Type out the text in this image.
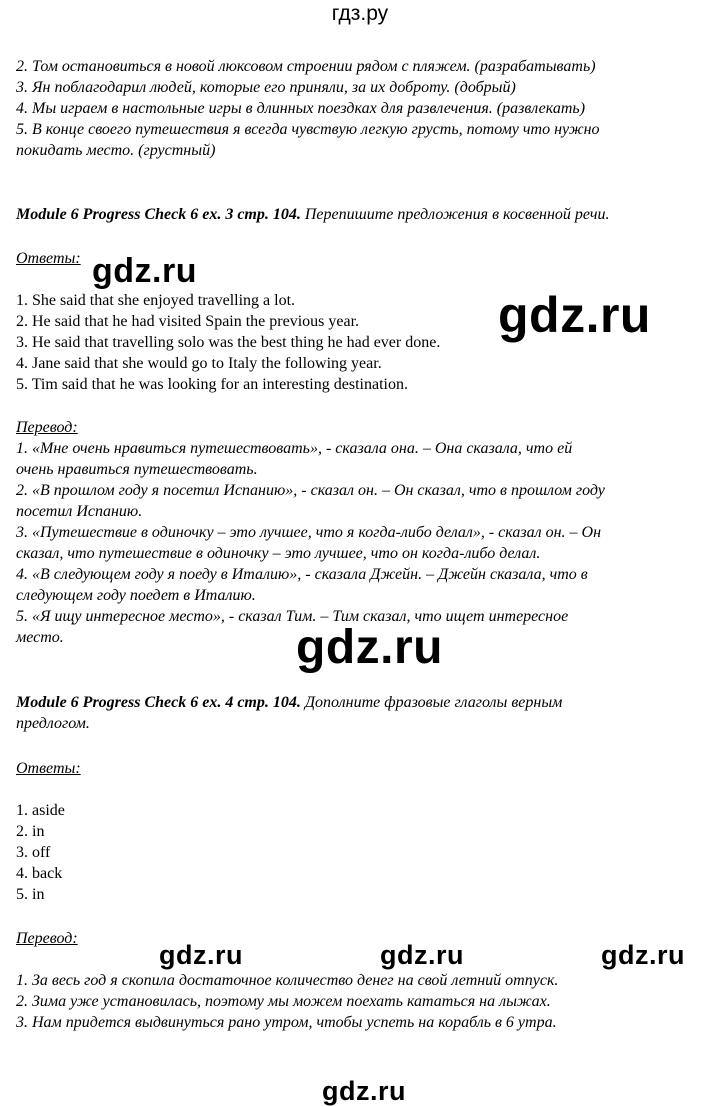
гдз.ру
2. Том остановиться в новой люксовом строении рядом с пляжем. (разрабатывать)
3. Ян поблагодарил людей, которые его приняли, за их доброту. (добрый)
4. Мы играем в настольные игры в длинных поездках для развлечения. (развлекать)
5. В конце своего путешествия я всегда чувствую легкую грусть, потому что нужно
покидать место. (грустный)
Module 6 Progress Check 6 ex. 3 стр. 104. Перепишите предложения в косвенной речи.
Ответы:
1. She said that she enjoyed travelling a lot.
2. He said that he had visited Spain the previous year.
3. He said that travelling solo was the best thing he had ever done.
4. Jane said that she would go to Italy the following year.
5. Tim said that he was looking for an interesting destination.
Перевод:
1. «Мне очень нравиться путешествовать», - сказала она. – Она сказала, что ей
очень нравиться путешествовать.
2. «В прошлом году я посетил Испанию», - сказал он. – Он сказал, что в прошлом году
посетил Испанию.
3. «Путешествие в одиночку – это лучшее, что я когда-либо делал», - сказал он. – Он
сказал, что путешествие в одиночку – это лучшее, что он когда-либо делал.
4. «В следующем году я поеду в Италию», - сказала Джейн. – Джейн сказала, что в
следующем году поедет в Италию.
5. «Я ищу интересное место», - сказал Тим. – Тим сказал, что ищет интересное
место.
Module 6 Progress Check 6 ex. 4 стр. 104. Дополните фразовые глаголы верным
предлогом.
Ответы:
1. aside
2. in
3. off
4. back
5. in
Перевод:
1. За весь год я скопила достаточное количество денег на свой летний отпуск.
2. Зима уже установилась, поэтому мы можем поехать кататься на лыжах.
3. Нам придется выдвинуться рано утром, чтобы успеть на корабль в 6 утра.
gdz.ru
gdz.ru
gdz.ru
gdz.ru	gdz.ru	gdz.ru
gdz.ru
